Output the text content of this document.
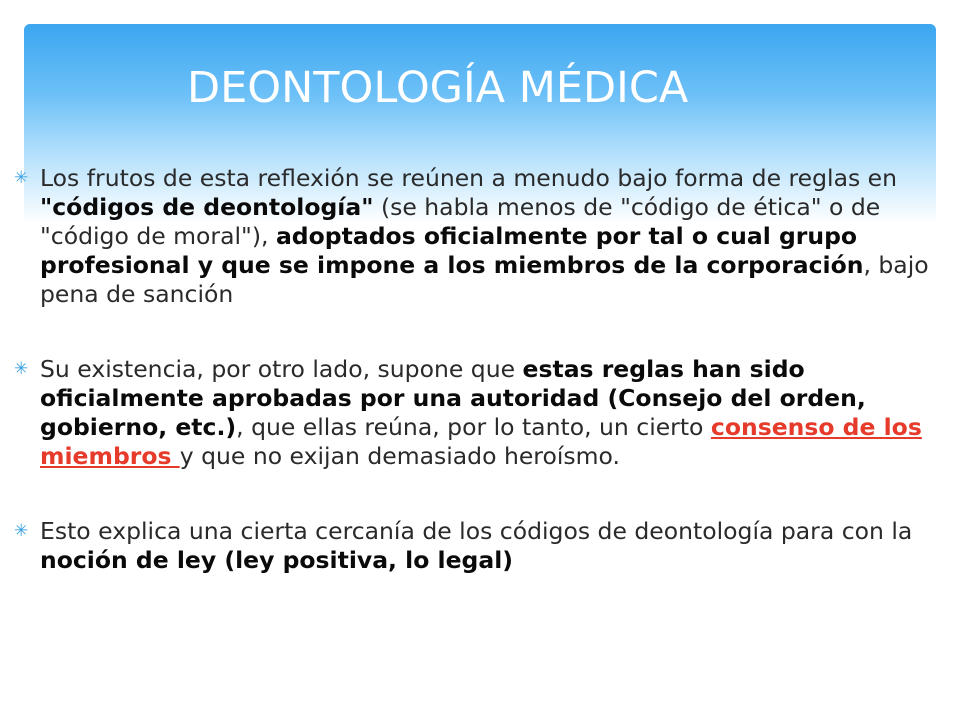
DEONTOLOGÍA MÉDICA
✳ Los frutos de esta reflexión se reúnen a menudo bajo forma de reglas en "códigos de deontología" (se habla menos de "código de ética" o de "código de moral"), adoptados oficialmente por tal o cual grupo profesional y que se impone a los miembros de la corporación, bajo pena de sanción
✳ Su existencia, por otro lado, supone que estas reglas han sido oficialmente aprobadas por una autoridad (Consejo del orden, gobierno, etc.), que ellas reúna, por lo tanto, un cierto consenso de los miembros y que no exijan demasiado heroísmo.
✳ Esto explica una cierta cercanía de los códigos de deontología para con la noción de ley (ley positiva, lo legal)
